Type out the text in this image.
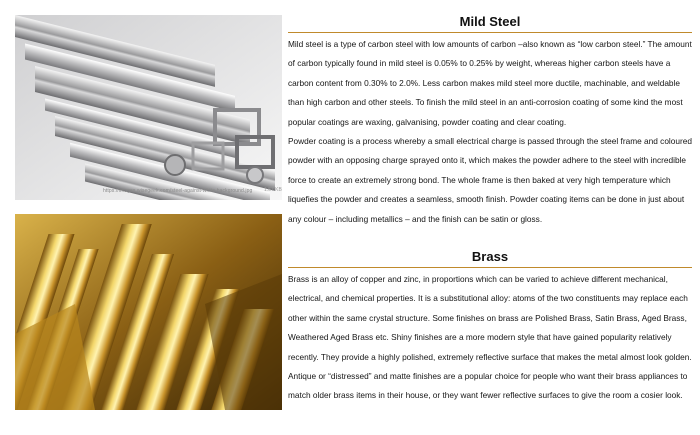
https://images.wisegeek.com/steel-against-white-background.jpg 1.67 KB
Mild Steel

Mild steel is a type of carbon steel with low amounts of carbon –also known as “low carbon steel.” The amount of carbon typically found in mild steel is 0.05% to 0.25% by weight, whereas higher carbon steels have a carbon content from 0.30% to 2.0%. Less carbon makes mild steel more ductile, machinable, and weldable than high carbon and other steels. To finish the mild steel in an anti-corrosion coating of some kind the most popular coatings are waxing, galvanising, powder coating and clear coating.

Powder coating is a process whereby a small electrical charge is passed through the steel frame and coloured powder with an opposing charge sprayed onto it, which makes the powder adhere to the steel with incredible force to create an extremely strong bond. The whole frame is then baked at very high temperature which liquefies the powder and creates a seamless, smooth finish. Powder coating items can be done in just about any colour – including metallics – and the finish can be satin or gloss.

Brass

Brass is an alloy of copper and zinc, in proportions which can be varied to achieve different mechanical, electrical, and chemical properties. It is a substitutional alloy: atoms of the two constituents may replace each other within the same crystal structure. Some finishes on brass are Polished Brass, Satin Brass, Aged Brass, Weathered Aged Brass etc. Shiny finishes are a more modern style that have gained popularity relatively recently. They provide a highly polished, extremely reflective surface that makes the metal almost look golden. Antique or “distressed” and matte finishes are a popular choice for people who want their brass appliances to match older brass items in their house, or they want fewer reflective surfaces to give the room a cosier look.
